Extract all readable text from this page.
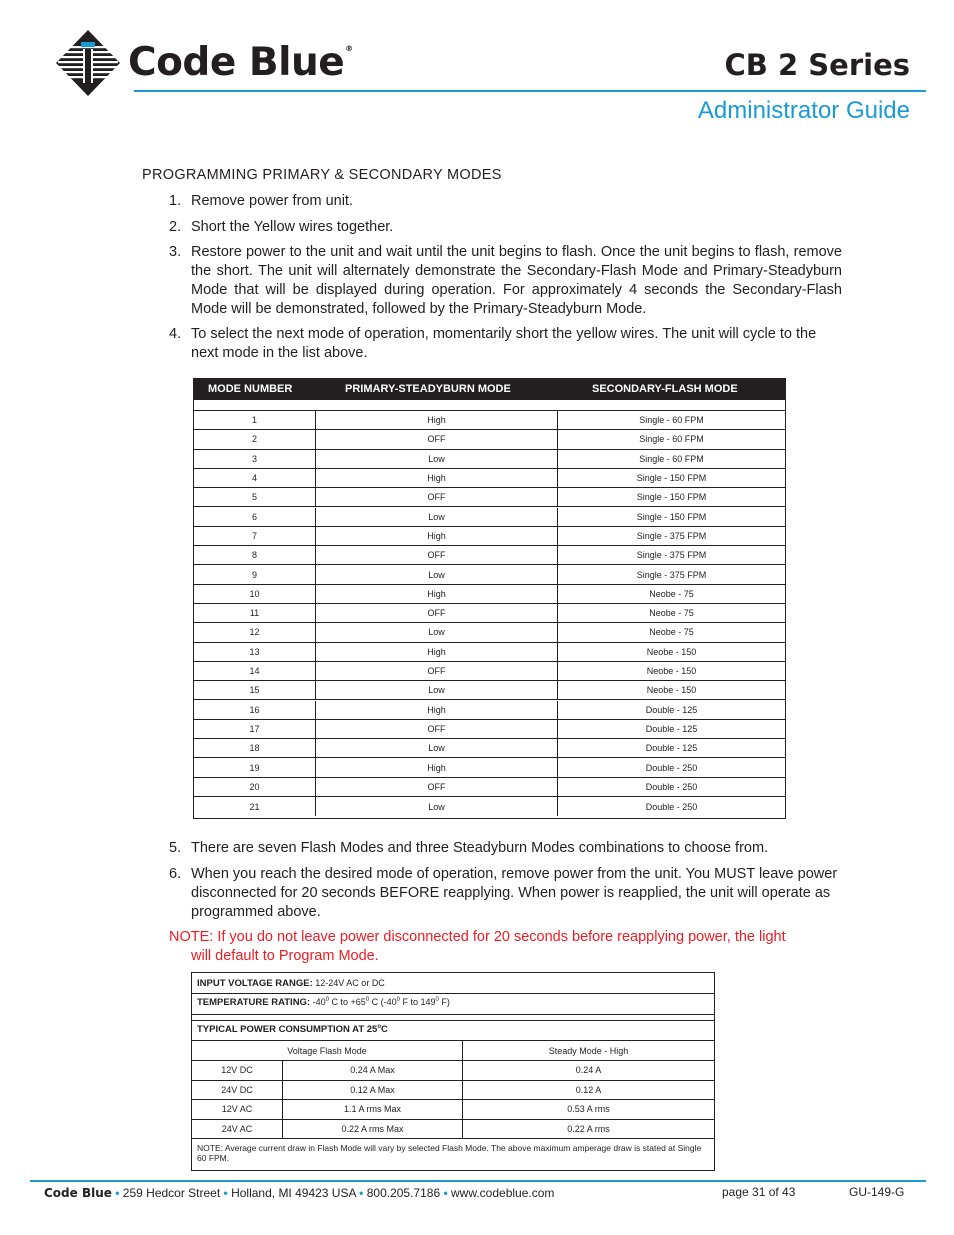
Code Blue®	CB 2 Series
Administrator Guide
PROGRAMMING PRIMARY & SECONDARY MODES
1. Remove power from unit.
2. Short the Yellow wires together.
3. Restore power to the unit and wait until the unit begins to flash. Once the unit begins to flash, remove the short. The unit will alternately demonstrate the Secondary-Flash Mode and Primary-Steadyburn Mode that will be displayed during operation. For approximately 4 seconds the Secondary-Flash Mode will be demonstrated, followed by the Primary-Steadyburn Mode.
4. To select the next mode of operation, momentarily short the yellow wires. The unit will cycle to the next mode in the list above.
MODE NUMBER	PRIMARY-STEADYBURN MODE	SECONDARY-FLASH MODE
1	High	Single - 60 FPM
2	OFF	Single - 60 FPM
3	Low	Single - 60 FPM
4	High	Single - 150 FPM
5	OFF	Single - 150 FPM
6	Low	Single - 150 FPM
7	High	Single - 375 FPM
8	OFF	Single - 375 FPM
9	Low	Single - 375 FPM
10	High	Neobe - 75
11	OFF	Neobe - 75
12	Low	Neobe - 75
13	High	Neobe - 150
14	OFF	Neobe - 150
15	Low	Neobe - 150
16	High	Double - 125
17	OFF	Double - 125
18	Low	Double - 125
19	High	Double - 250
20	OFF	Double - 250
21	Low	Double - 250
5. There are seven Flash Modes and three Steadyburn Modes combinations to choose from.
6. When you reach the desired mode of operation, remove power from the unit. You MUST leave power disconnected for 20 seconds BEFORE reapplying. When power is reapplied, the unit will operate as programmed above.
NOTE: If you do not leave power disconnected for 20 seconds before reapplying power, the light
will default to Program Mode.
INPUT VOLTAGE RANGE: 12-24V AC or DC
TEMPERATURE RATING: $-40^0$ C to $+65^0$ C ($-40^0$ F to $149^0$ F)
TYPICAL POWER CONSUMPTION AT 25$^o$C
Voltage Flash Mode	Steady Mode - High
12V DC	0.24 A Max	0.24 A
24V DC	0.12 A Max	0.12 A
12V AC	1.1 A rms Max	0.53 A rms
24V AC	0.22 A rms Max	0.22 A rms
NOTE: Average current draw in Flash Mode will vary by selected Flash Mode. The above maximum amperage draw is stated at Single 60 FPM.
Code Blue • 259 Hedcor Street • Holland, MI 49423 USA • 800.205.7186 • www.codeblue.com	page 31 of 43	GU-149-G
